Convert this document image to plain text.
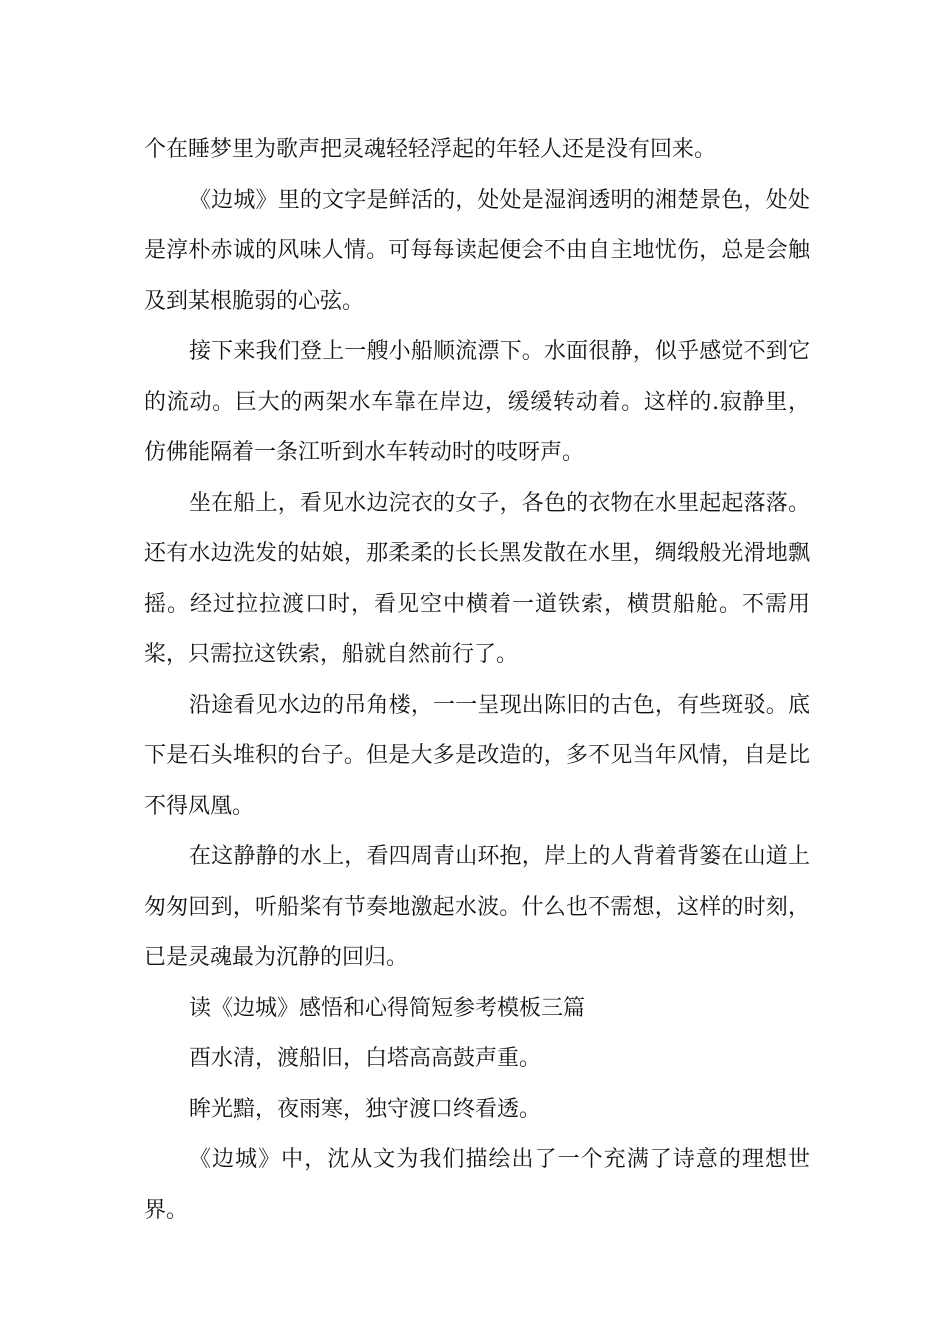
个在睡梦里为歌声把灵魂轻轻浮起的年轻人还是没有回来。

《边城》里的文字是鲜活的，处处是湿润透明的湘楚景色，处处是淳朴赤诚的风味人情。可每每读起便会不由自主地忧伤，总是会触及到某根脆弱的心弦。

接下来我们登上一艘小船顺流漂下。水面很静，似乎感觉不到它的流动。巨大的两架水车靠在岸边，缓缓转动着。这样的.寂静里，仿佛能隔着一条江听到水车转动时的吱呀声。

坐在船上，看见水边浣衣的女子，各色的衣物在水里起起落落。还有水边洗发的姑娘，那柔柔的长长黑发散在水里，绸缎般光滑地飘摇。经过拉拉渡口时，看见空中横着一道铁索，横贯船舱。不需用桨，只需拉这铁索，船就自然前行了。

沿途看见水边的吊角楼，一一呈现出陈旧的古色，有些斑驳。底下是石头堆积的台子。但是大多是改造的，多不见当年风情，自是比不得凤凰。

在这静静的水上，看四周青山环抱，岸上的人背着背篓在山道上匆匆回到，听船桨有节奏地激起水波。什么也不需想，这样的时刻，已是灵魂最为沉静的回归。

读《边城》感悟和心得简短参考模板三篇

酉水清，渡船旧，白塔高高鼓声重。

眸光黯，夜雨寒，独守渡口终看透。

《边城》中，沈从文为我们描绘出了一个充满了诗意的理想世界。
